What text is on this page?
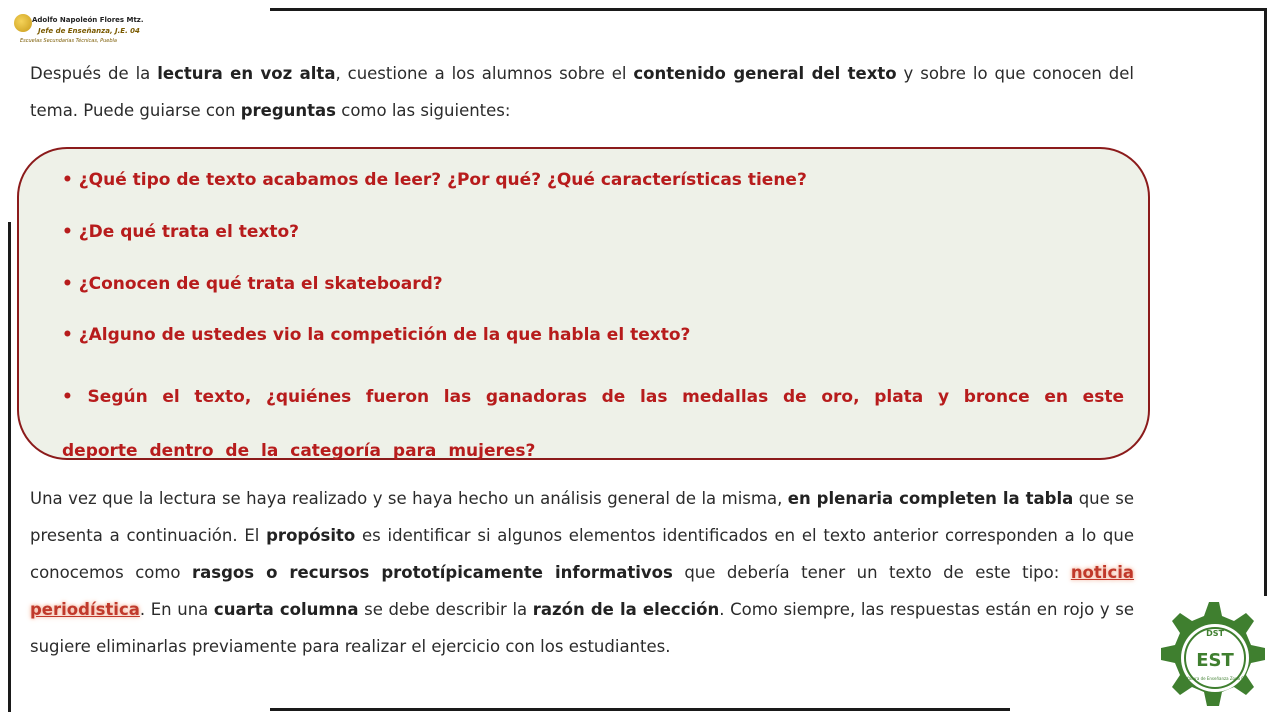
Adolfo Napoleón Flores Mtz.
Jefe de Enseñanza, J.E. 04
Escuelas Secundarias Técnicas, Puebla

Después de la lectura en voz alta, cuestione a los alumnos sobre el contenido general del texto y sobre lo que conocen del tema. Puede guiarse con preguntas como las siguientes:

• ¿Qué tipo de texto acabamos de leer? ¿Por qué? ¿Qué características tiene?

• ¿De qué trata el texto?

• ¿Conocen de qué trata el skateboard?

• ¿Alguno de ustedes vio la competición de la que habla el texto?

• Según el texto, ¿quiénes fueron las ganadoras de las medallas de oro, plata y bronce en este deporte dentro de la categoría para mujeres?

Una vez que la lectura se haya realizado y se haya hecho un análisis general de la misma, en plenaria completen la tabla que se presenta a continuación. El propósito es identificar si algunos elementos identificados en el texto anterior corresponden a lo que conocemos como rasgos o recursos prototípicamente informativos que debería tener un texto de este tipo: noticia periodística. En una cuarta columna se debe describir la razón de la elección. Como siempre, las respuestas están en rojo y se sugiere eliminarlas previamente para realizar el ejercicio con los estudiantes.

DST
EST
Jefatura de Enseñanza Zona 04
